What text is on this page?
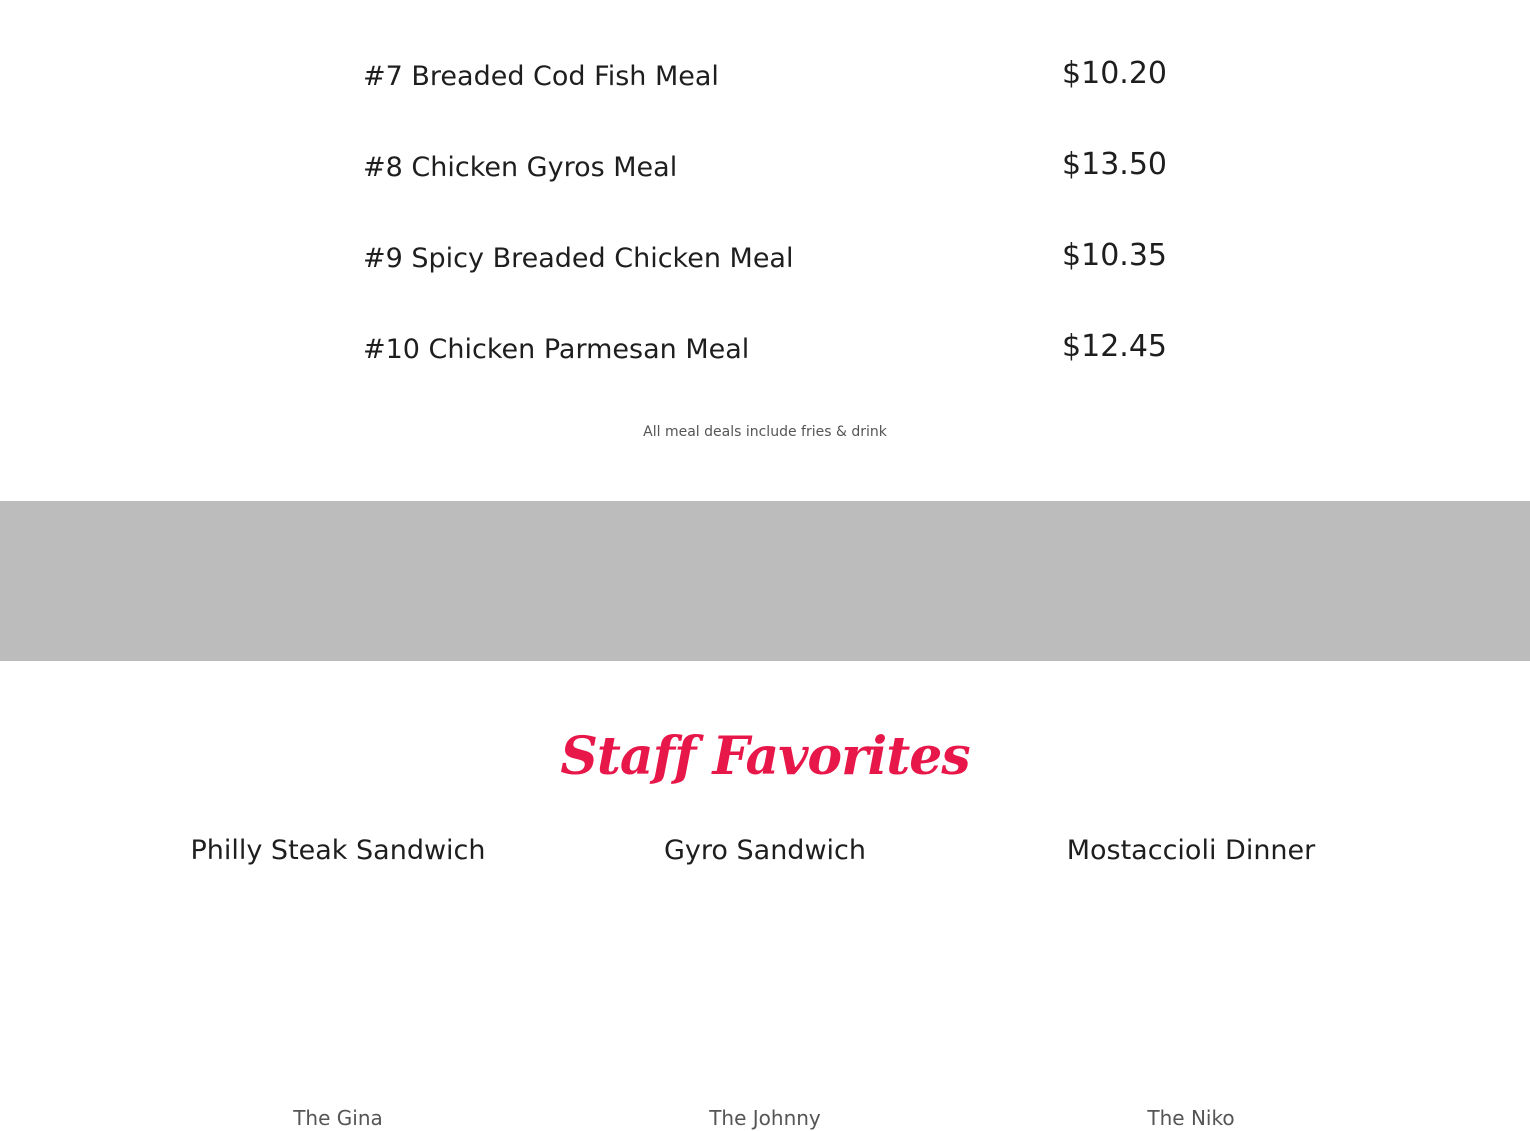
#7 Breaded Cod Fish Meal	$10.20
#8 Chicken Gyros Meal	$13.50
#9 Spicy Breaded Chicken Meal	$10.35
#10 Chicken Parmesan Meal	$12.45
All meal deals include fries & drink
Staff Favorites
Philly Steak Sandwich
The Gina
Gyro Sandwich
The Johnny
Mostaccioli Dinner
The Niko
